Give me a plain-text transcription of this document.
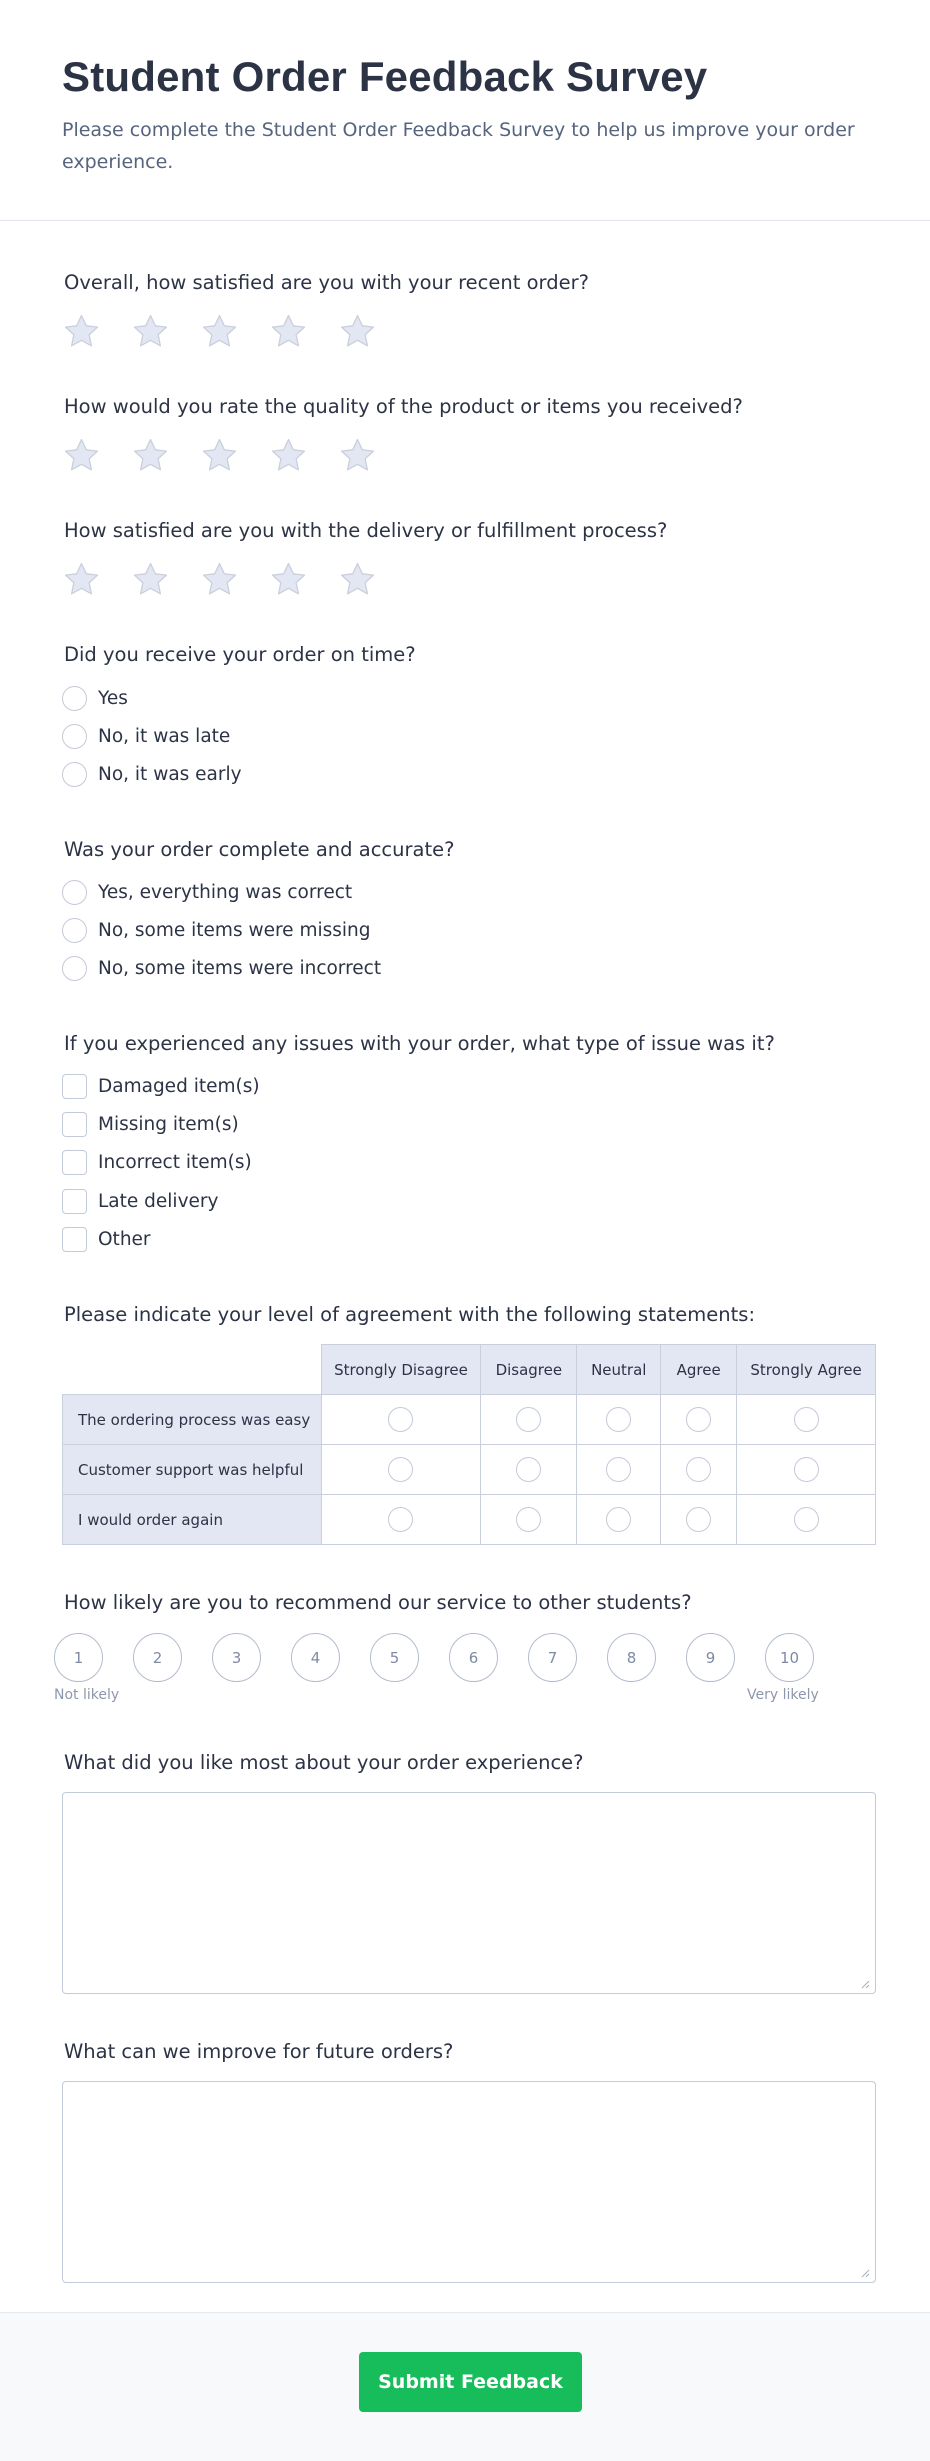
Student Order Feedback Survey

Please complete the Student Order Feedback Survey to help us improve your order experience.

Overall, how satisfied are you with your recent order?
How would you rate the quality of the product or items you received?
How satisfied are you with the delivery or fulfillment process?
Did you receive your order on time?
Yes
No, it was late
No, it was early
Was your order complete and accurate?
Yes, everything was correct
No, some items were missing
No, some items were incorrect
If you experienced any issues with your order, what type of issue was it?
Damaged item(s)
Missing item(s)
Incorrect item(s)
Late delivery
Other
Please indicate your level of agreement with the following statements:
	Strongly Disagree	Disagree	Neutral	Agree	Strongly Agree
The ordering process was easy					
Customer support was helpful					
I would order again					
How likely are you to recommend our service to other students?
1	2	3	4	5	6	7	8	9	10
Not likely	Very likely
What did you like most about your order experience?
What can we improve for future orders?
Submit Feedback
